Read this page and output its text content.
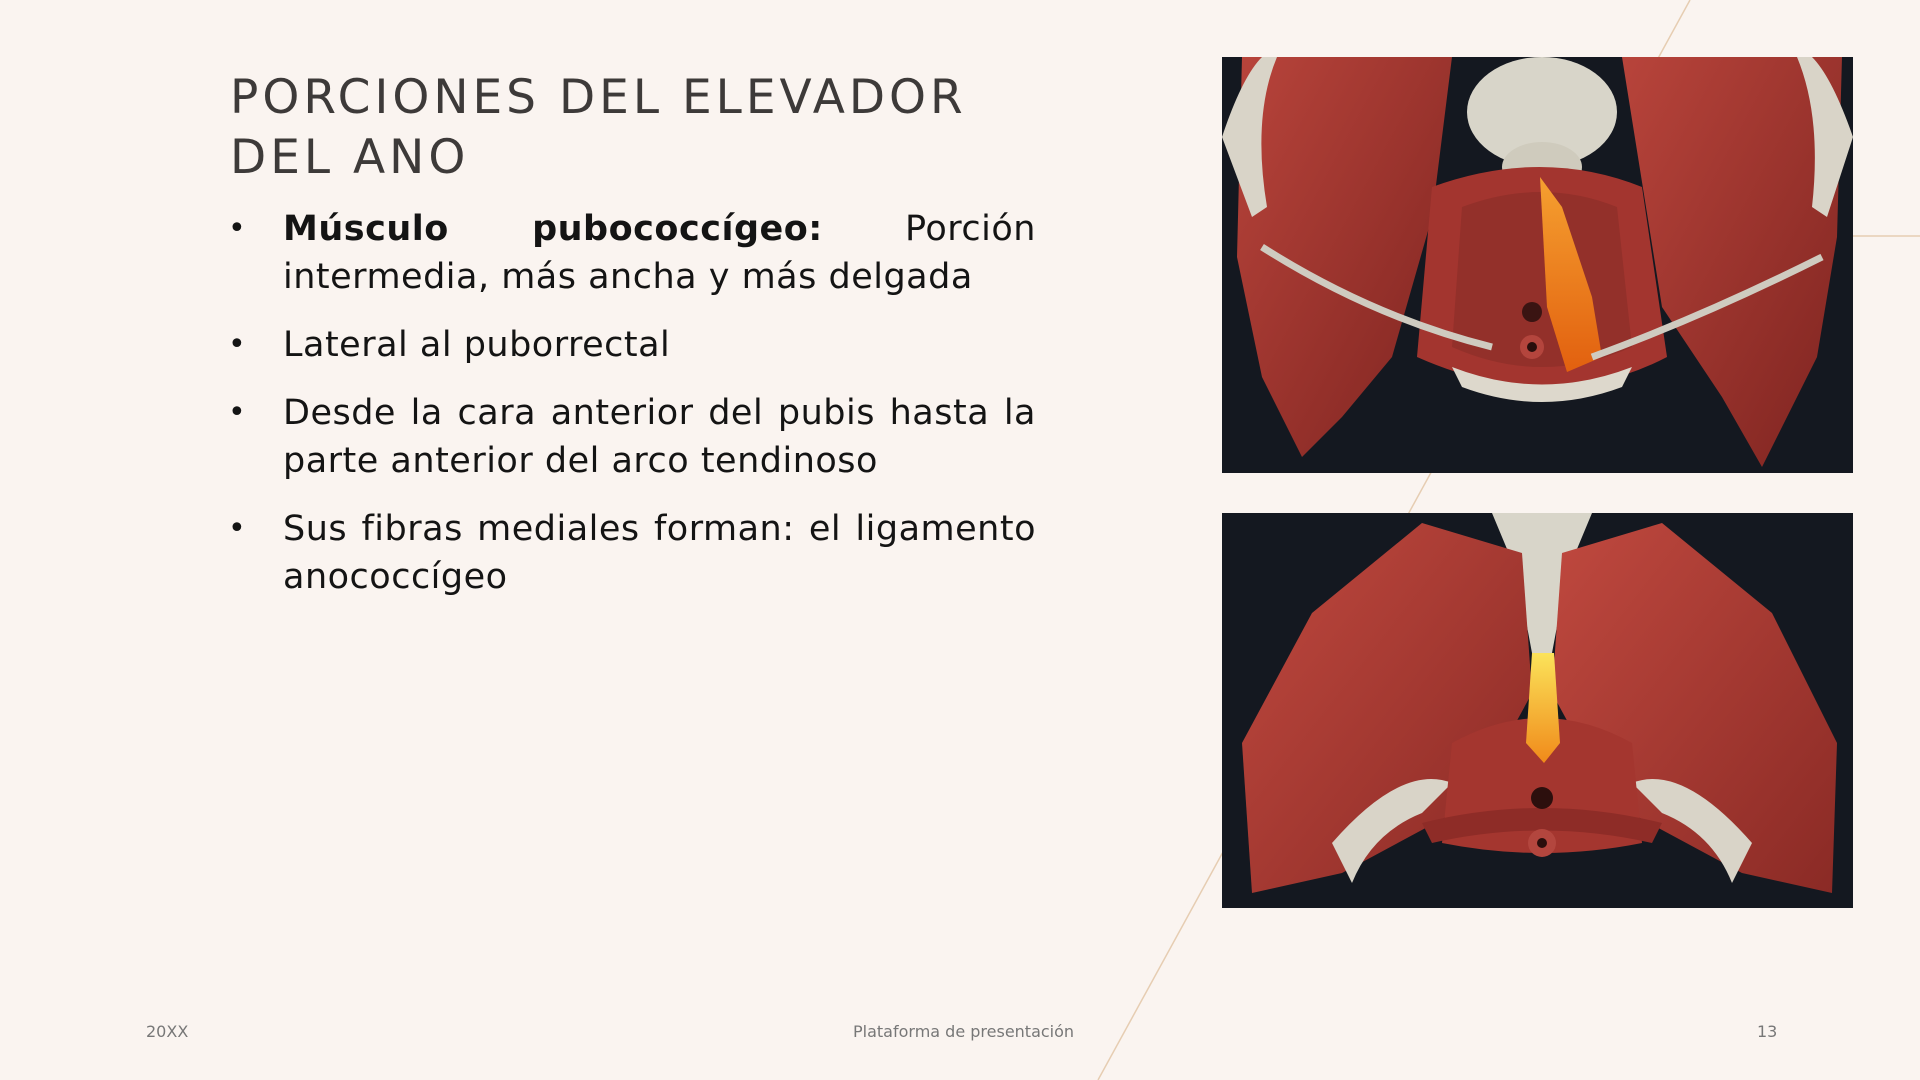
PORCIONES DEL ELEVADOR DEL ANO
• Músculo pubococcígeo: Porción intermedia, más ancha y más delgada
• Lateral al puborrectal
• Desde la cara anterior del pubis hasta la parte anterior del arco tendinoso
• Sus fibras mediales forman: el ligamento anococcígeo
20XX	Plataforma de presentación	13
